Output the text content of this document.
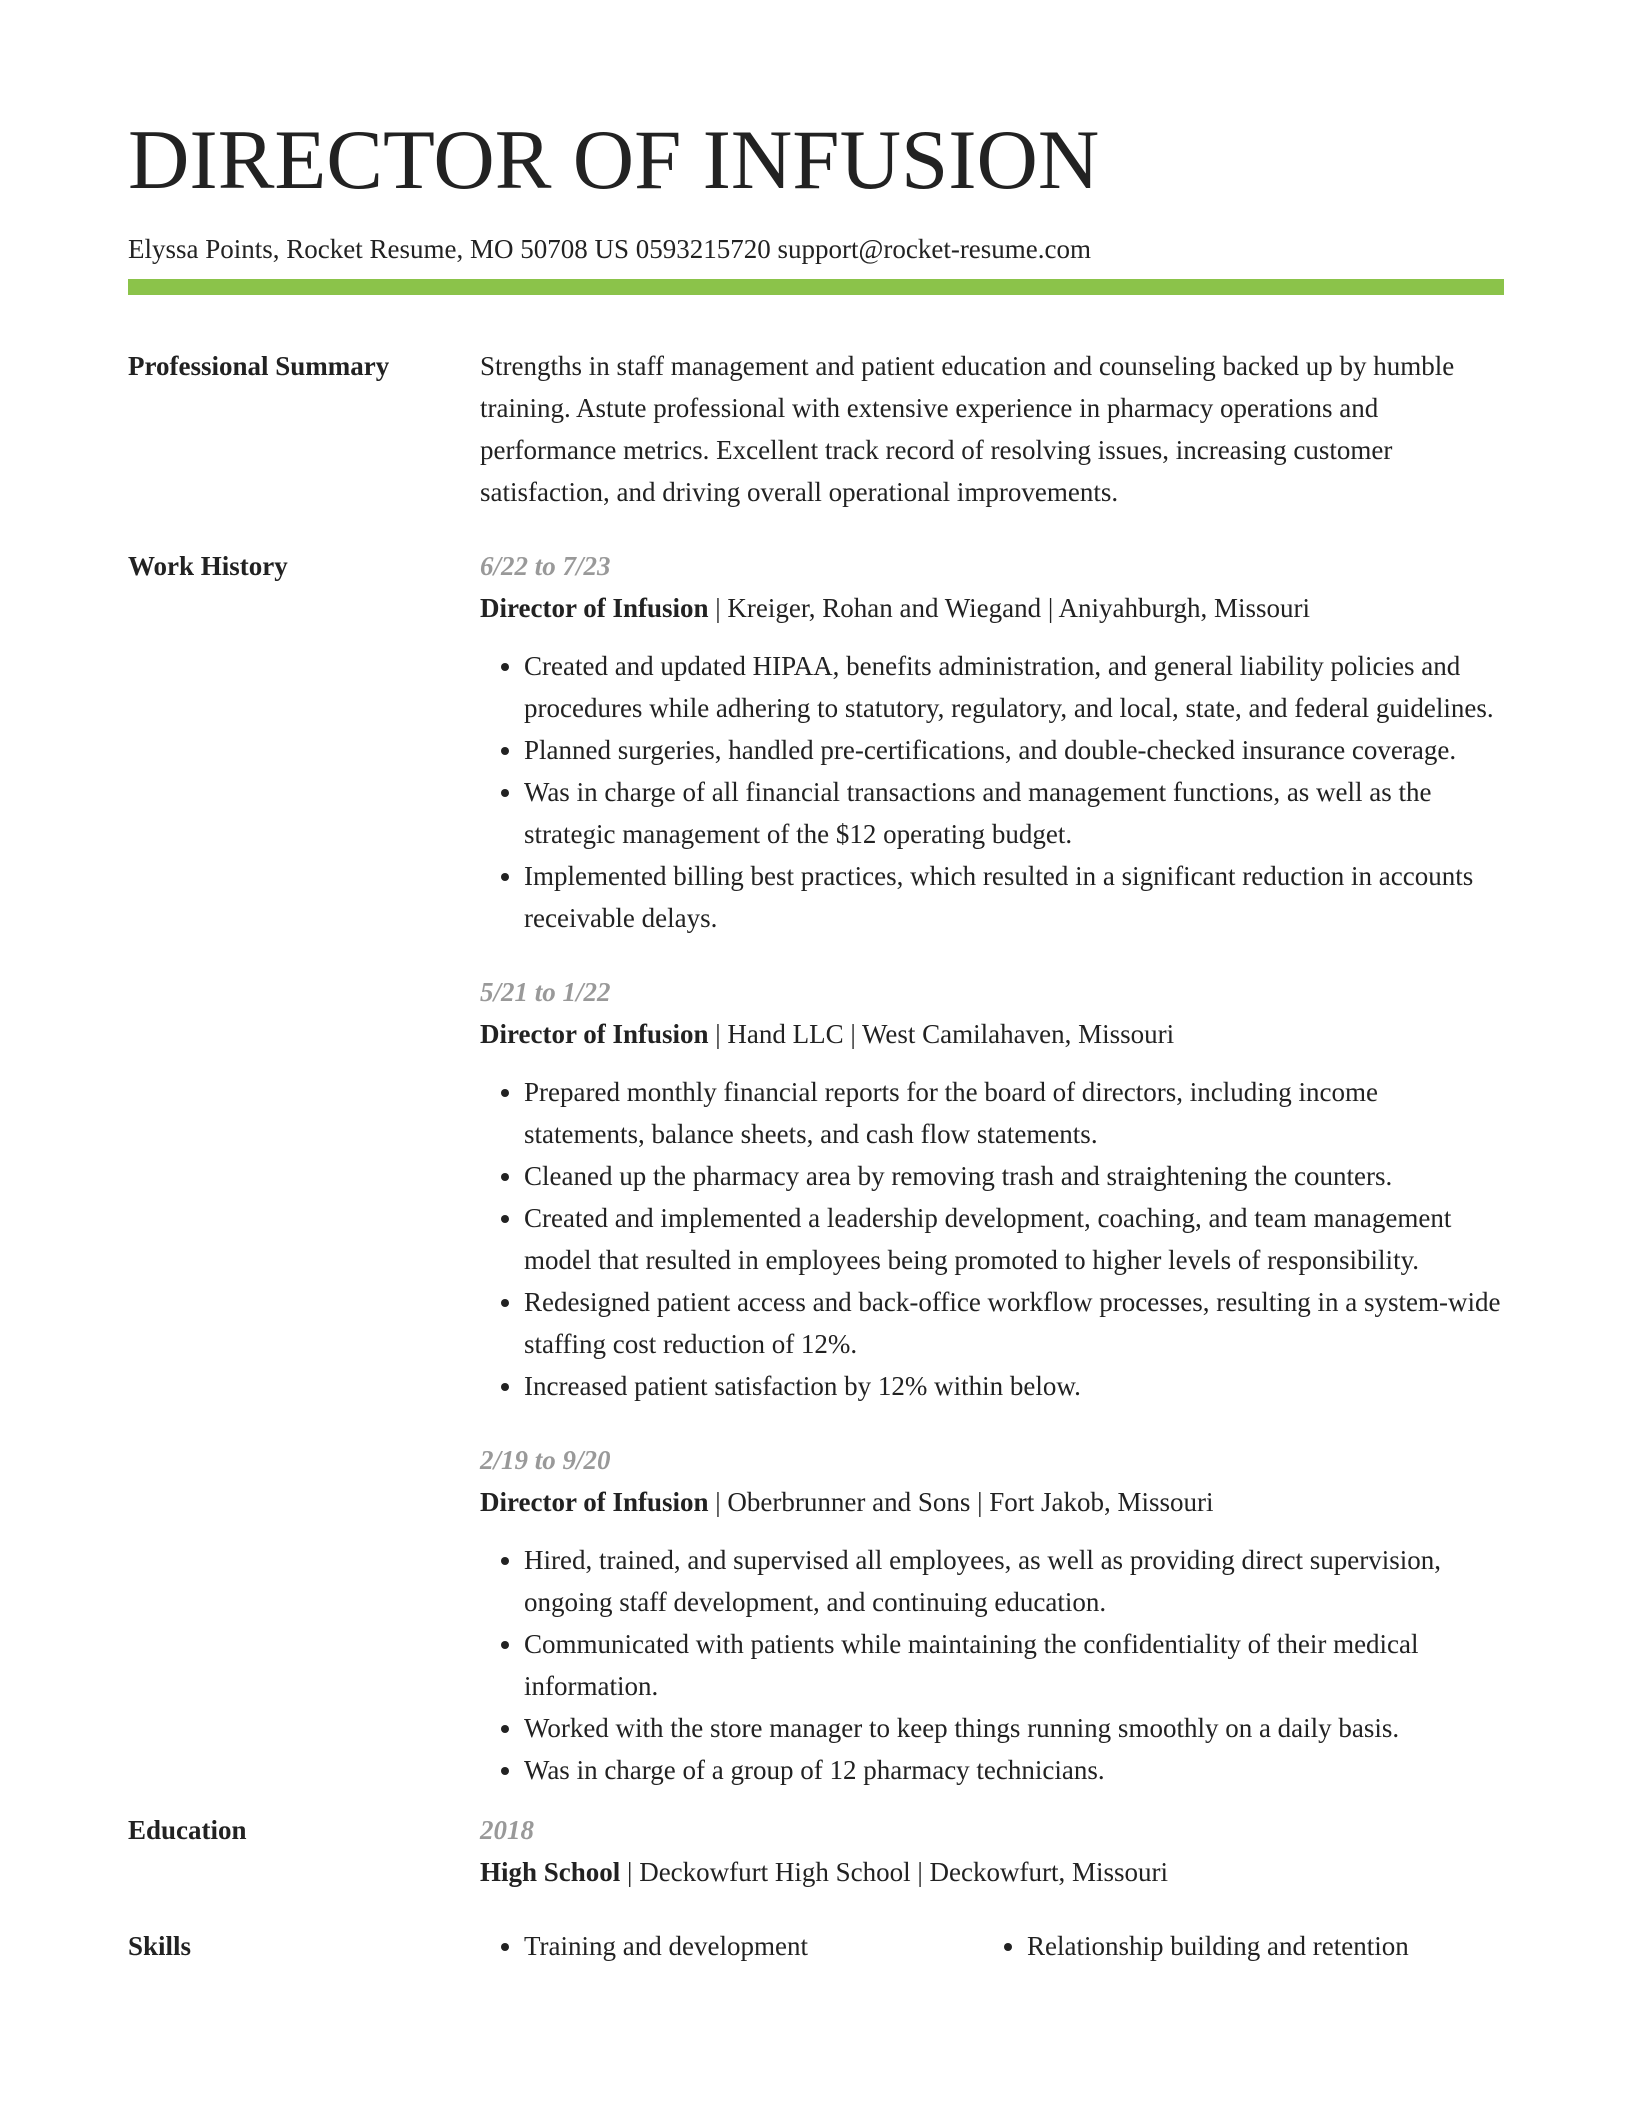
DIRECTOR OF INFUSION
Elyssa Points, Rocket Resume, MO 50708 US 0593215720 support@rocket-resume.com
Professional Summary	Strengths in staff management and patient education and counseling backed up by humble training. Astute professional with extensive experience in pharmacy operations and performance metrics. Excellent track record of resolving issues, increasing customer satisfaction, and driving overall operational improvements.
Work History	6/22 to 7/23
Director of Infusion | Kreiger, Rohan and Wiegand | Aniyahburgh, Missouri
• Created and updated HIPAA, benefits administration, and general liability policies and procedures while adhering to statutory, regulatory, and local, state, and federal guidelines.
• Planned surgeries, handled pre-certifications, and double-checked insurance coverage.
• Was in charge of all financial transactions and management functions, as well as the strategic management of the $12 operating budget.
• Implemented billing best practices, which resulted in a significant reduction in accounts receivable delays.
5/21 to 1/22
Director of Infusion | Hand LLC | West Camilahaven, Missouri
• Prepared monthly financial reports for the board of directors, including income statements, balance sheets, and cash flow statements.
• Cleaned up the pharmacy area by removing trash and straightening the counters.
• Created and implemented a leadership development, coaching, and team management model that resulted in employees being promoted to higher levels of responsibility.
• Redesigned patient access and back-office workflow processes, resulting in a system-wide staffing cost reduction of 12%.
• Increased patient satisfaction by 12% within below.
2/19 to 9/20
Director of Infusion | Oberbrunner and Sons | Fort Jakob, Missouri
• Hired, trained, and supervised all employees, as well as providing direct supervision, ongoing staff development, and continuing education.
• Communicated with patients while maintaining the confidentiality of their medical information.
• Worked with the store manager to keep things running smoothly on a daily basis.
• Was in charge of a group of 12 pharmacy technicians.
Education	2018
High School | Deckowfurt High School | Deckowfurt, Missouri
Skills	• Training and development	• Relationship building and retention
